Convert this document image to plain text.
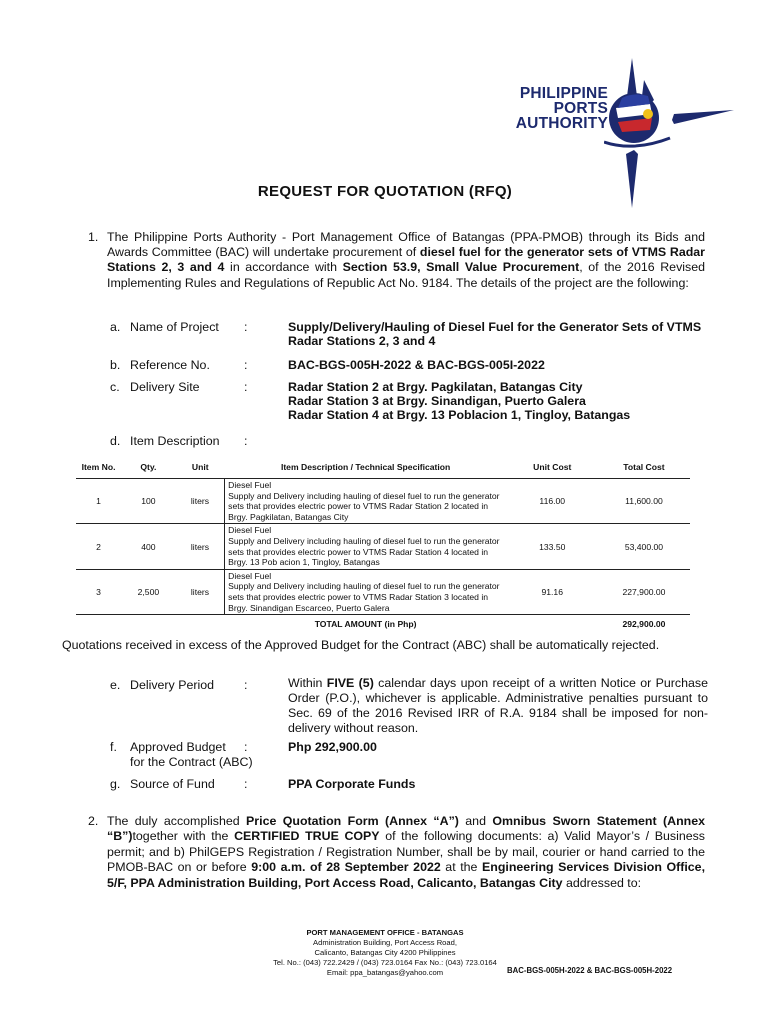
PHILIPPINE
PORTS
AUTHORITY
REQUEST FOR QUOTATION (RFQ)
1. The Philippine Ports Authority - Port Management Office of Batangas (PPA-PMOB) through its Bids and Awards Committee (BAC) will undertake procurement of diesel fuel for the generator sets of VTMS Radar Stations 2, 3 and 4 in accordance with Section 53.9, Small Value Procurement, of the 2016 Revised Implementing Rules and Regulations of Republic Act No. 9184. The details of the project are the following:
a. Name of Project :	Supply/Delivery/Hauling of Diesel Fuel for the Generator Sets of VTMS Radar Stations 2, 3 and 4
b. Reference No.	:	BAC-BGS-005H-2022 & BAC-BGS-005I-2022
c. Delivery Site	:	Radar Station 2 at Brgy. Pagkilatan, Batangas City
Radar Station 3 at Brgy. Sinandigan, Puerto Galera
Radar Station 4 at Brgy. 13 Poblacion 1, Tingloy, Batangas
d. Item Description :
Item No.	Qty.	Unit	Item Description / Technical Specification	Unit Cost	Total Cost
1	100	liters	Diesel Fuel
Supply and Delivery including hauling of diesel fuel to run the generator sets that provides electric power to VTMS Radar Station 2 located in Brgy. Pagkilatan, Batangas City	116.00	11,600.00
2	400	liters	Diesel Fuel
Supply and Delivery including hauling of diesel fuel to run the generator sets that provides electric power to VTMS Radar Station 4 located in Brgy. 13 Pob acion 1, Tingloy, Batangas	133.50	53,400.00
3	2,500	liters	Diesel Fuel
Supply and Delivery including hauling of diesel fuel to run the generator sets that provides electric power to VTMS Radar Station 3 located in Brgy. Sinandigan Escarceo, Puerto Galera	91.16	227,900.00
			TOTAL AMOUNT (in Php)		292,900.00
Quotations received in excess of the Approved Budget for the Contract (ABC) shall be automatically rejected.
e. Delivery Period :	Within FIVE (5) calendar days upon receipt of a written Notice or Purchase Order (P.O.), whichever is applicable. Administrative penalties pursuant to Sec. 69 of the 2016 Revised IRR of R.A. 9184 shall be imposed for non-delivery without reason.
f. Approved Budget
for the Contract (ABC)
:	Php 292,900.00
g. Source of Fund :	PPA Corporate Funds
2. The duly accomplished Price Quotation Form (Annex “A”) and Omnibus Sworn Statement (Annex “B”)together with the CERTIFIED TRUE COPY of the following documents: a) Valid Mayor’s / Business permit; and b) PhilGEPS Registration / Registration Number, shall be by mail, courier or hand carried to the PMOB-BAC on or before 9:00 a.m. of 28 September 2022 at the Engineering Services Division Office, 5/F, PPA Administration Building, Port Access Road, Calicanto, Batangas City addressed to:
PORT MANAGEMENT OFFICE - BATANGAS
Administration Building, Port Access Road,
Calicanto, Batangas City 4200 Philippines
Tel. No.: (043) 722.2429 / (043) 723.0164 Fax No.: (043) 723.0164
Email: ppa_batangas@yahoo.com	BAC-BGS-005H-2022 & BAC-BGS-005H-2022
